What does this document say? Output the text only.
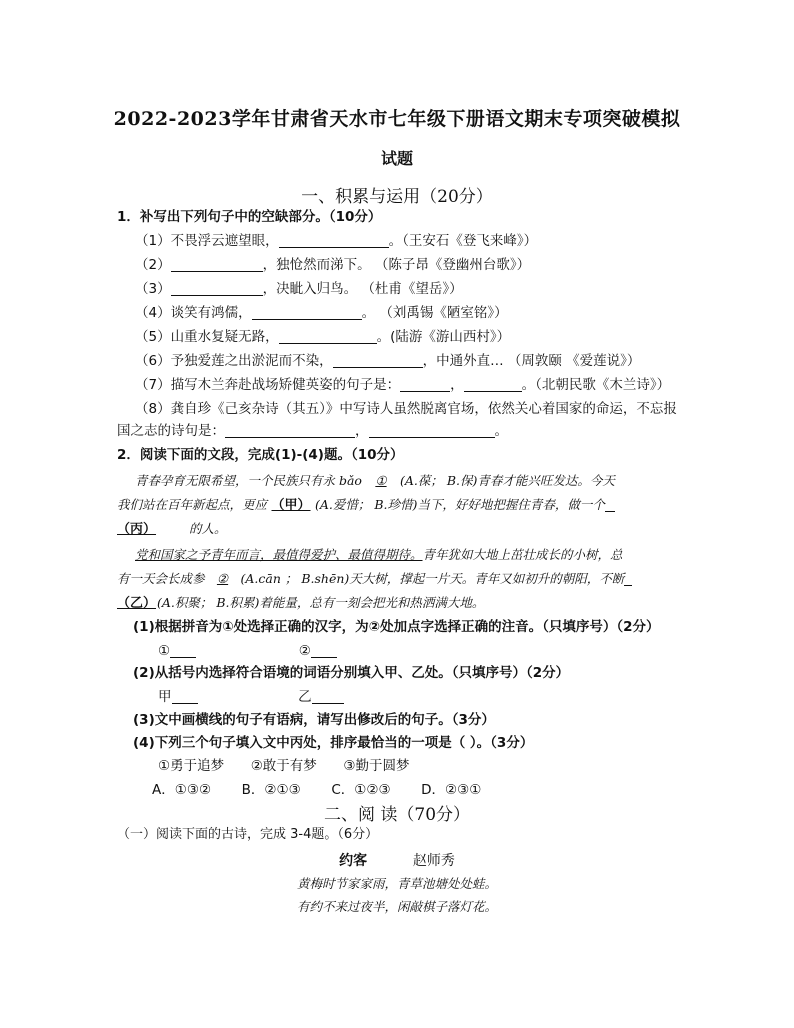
2022-2023学年甘肃省天水市七年级下册语文期末专项突破模拟
试题
一、积累与运用（20分）
1．补写出下列句子中的空缺部分。（10分）
（1）不畏浮云遮望眼，	。（王安石《登飞来峰》）
（2）	，独怆然而涕下。 （陈子昂《登幽州台歌》）
（3）	，决眦入归鸟。 （杜甫《望岳》）
（4）谈笑有鸿儒，	。 （刘禹锡《陋室铭》）
（5）山重水复疑无路，	。(陆游《游山西村》）
（6）予独爱莲之出淤泥而不染，	，中通外直… （周敦颐 《爱莲说》）
（7）描写木兰奔赴战场矫健英姿的句子是：	，	。（北朝民歌《木兰诗》）
（8）龚自珍《己亥杂诗（其五）》中写诗人虽然脱离官场，依然关心着国家的命运，不忘报
国之志的诗句是：	，	。
2．阅读下面的文段，完成(1)-(4)题。（10分）
青春孕育无限希望，一个民族只有永 bǎo ① (A.葆； B.保)青春才能兴旺发达。今天
我们站在百年新起点，更应 （甲） (A.爱惜； B.珍惜)当下，好好地把握住青春，做一个
（丙）	的人。
党和国家之予青年而言，最值得爱护、最值得期待。青年犹如大地上茁壮成长的小树，总
有一天会长成参 ② (A.cān ； B.shēn)天大树，撑起一片天。青年又如初升的朝阳，不断
（乙）(A.积聚； B.积累)着能量，总有一刻会把光和热洒满大地。
(1)根据拼音为①处选择正确的汉字，为②处加点字选择正确的注音。（只填序号）（2分）
①	②
(2)从括号内选择符合语境的词语分别填入甲、乙处。（只填序号）（2分）
甲	乙
(3)文中画横线的句子有语病，请写出修改后的句子。（3分）
(4)下列三个句子填入文中丙处，排序最恰当的一项是（ ）。（3分）
①勇于追梦 ②敢于有梦 ③勤于圆梦
A．①③② B．②①③ C．①②③ D．②③①
二、阅 读（70分）
（一）阅读下面的古诗，完成 3-4题。（6分）
约客	赵师秀
黄梅时节家家雨，青草池塘处处蛙。
有约不来过夜半，闲敲棋子落灯花。
